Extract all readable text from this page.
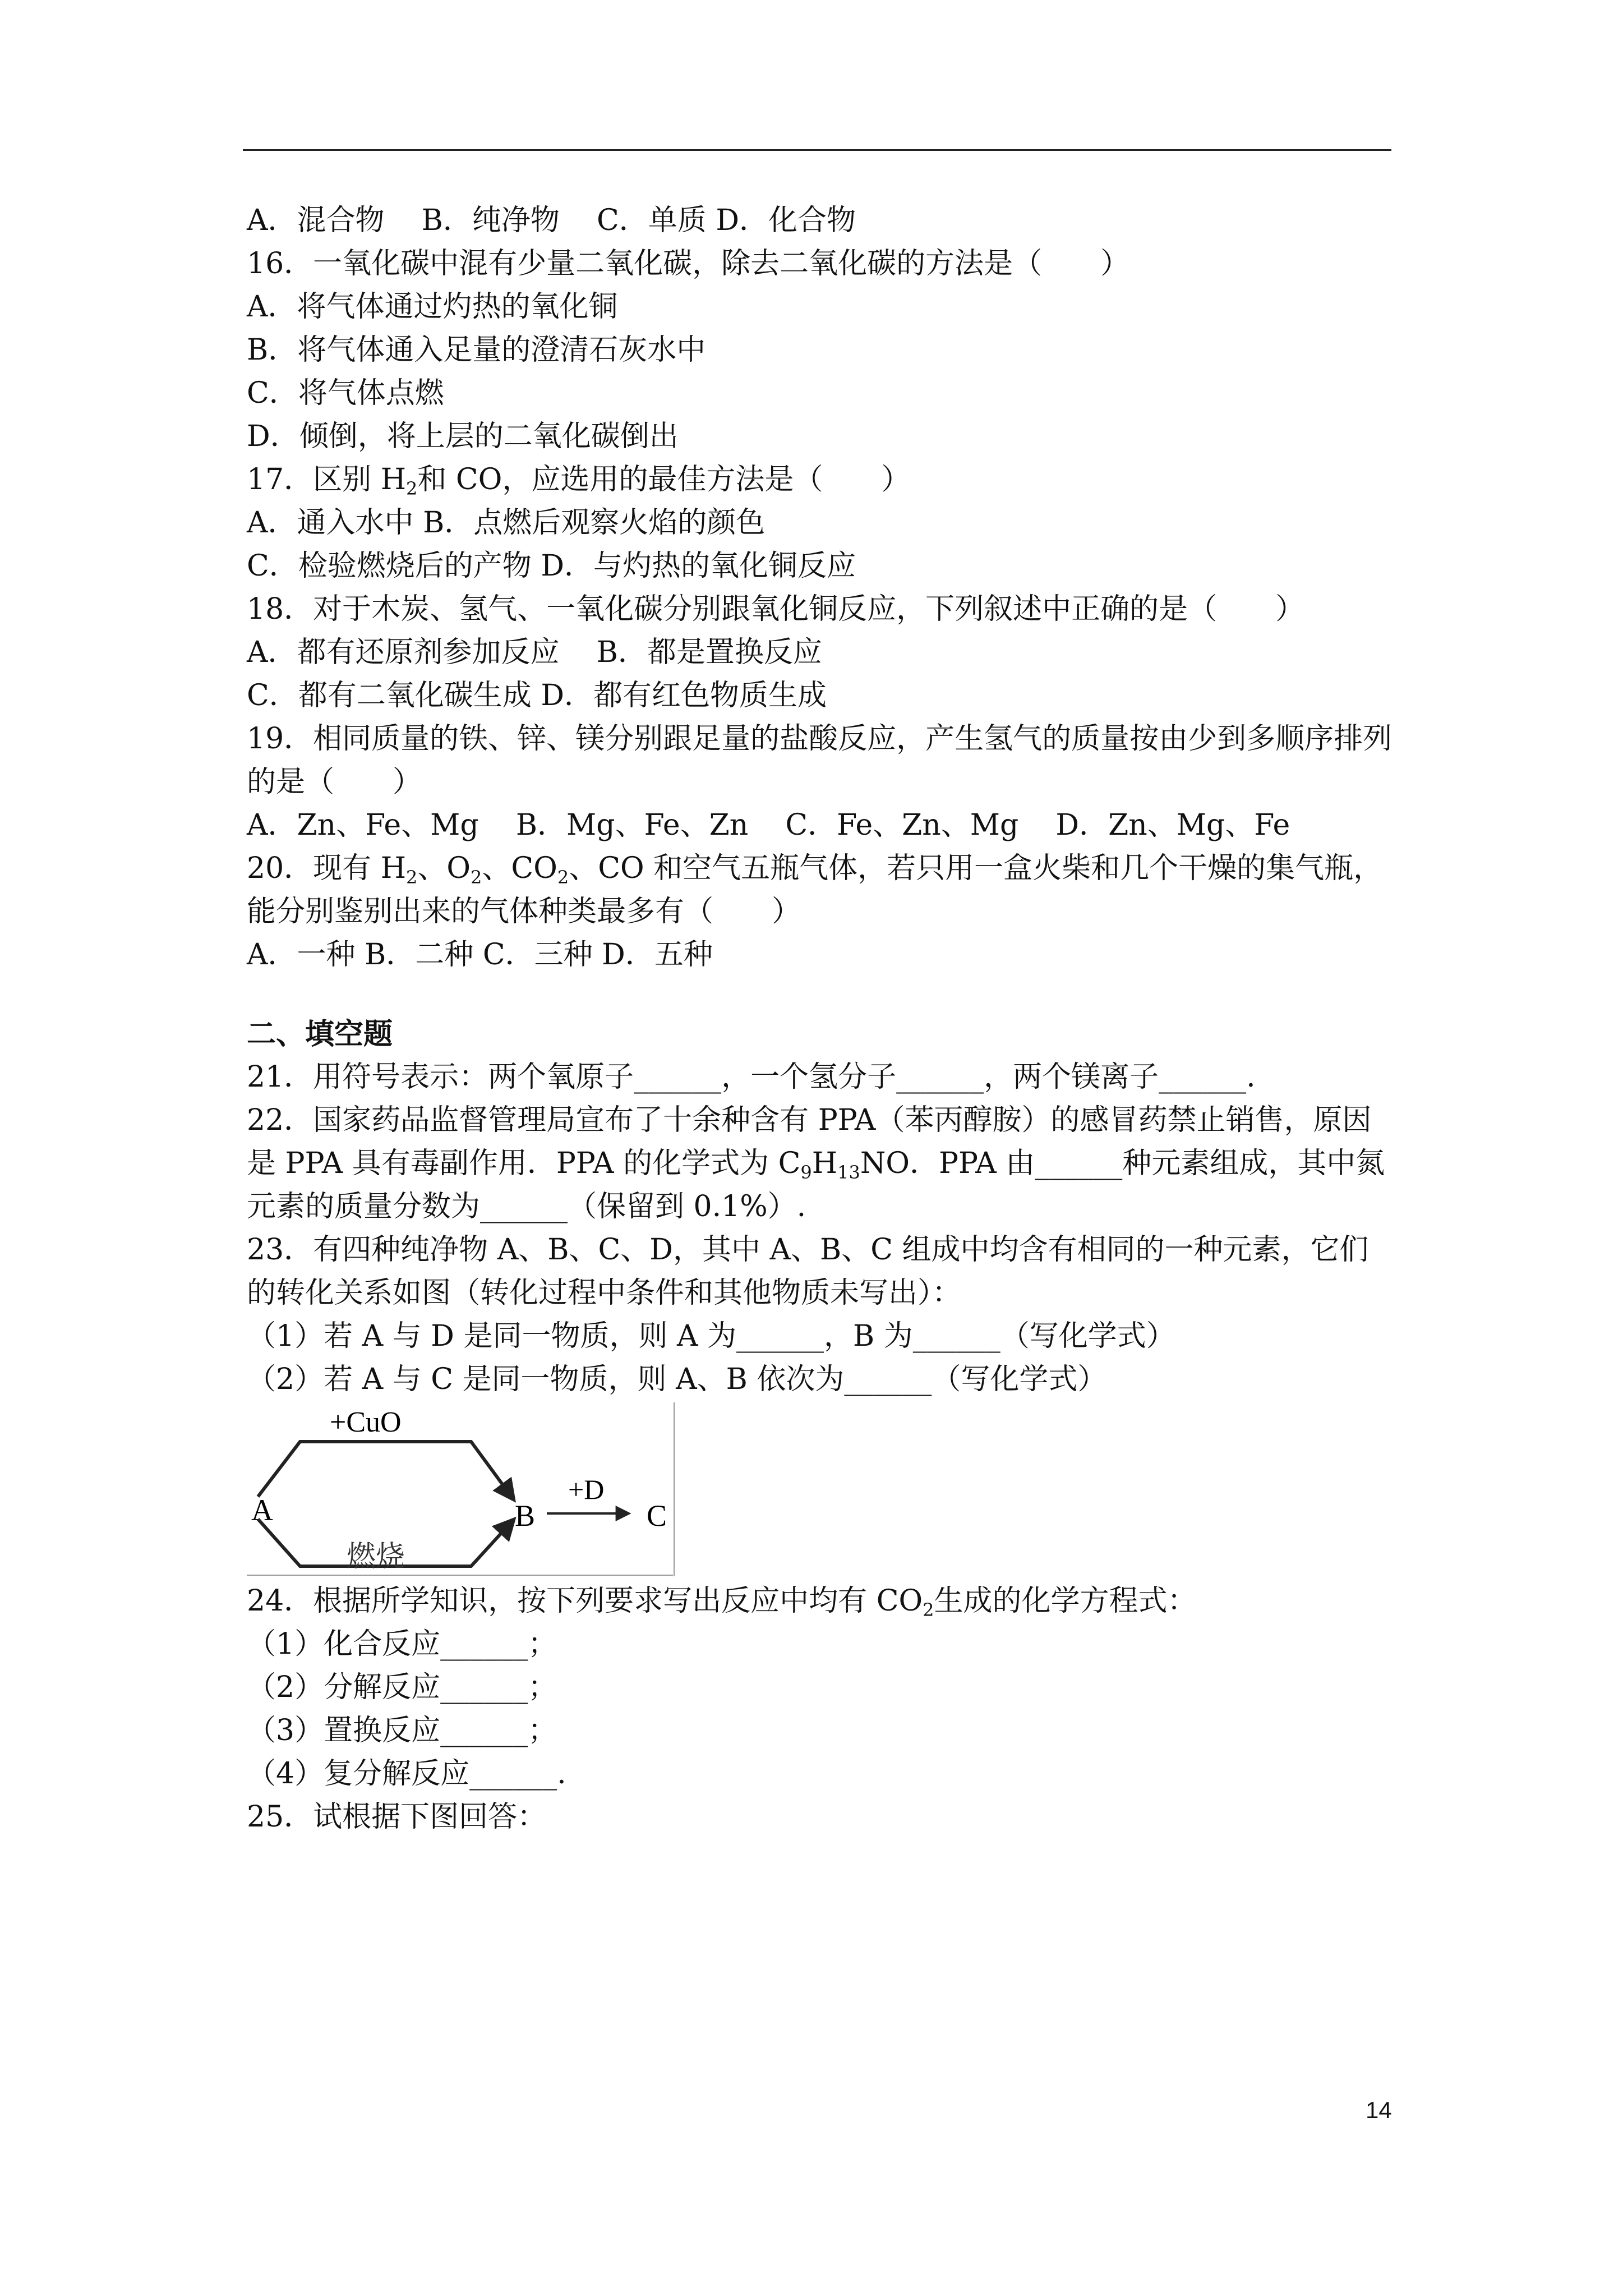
A．混合物    B．纯净物    C．单质 D．化合物
16．一氧化碳中混有少量二氧化碳，除去二氧化碳的方法是（　　）
A．将气体通过灼热的氧化铜
B．将气体通入足量的澄清石灰水中
C．将气体点燃
D．倾倒，将上层的二氧化碳倒出
17．区别 $H_2$和 CO，应选用的最佳方法是（　　）
A．通入水中 B．点燃后观察火焰的颜色
C．检验燃烧后的产物 D．与灼热的氧化铜反应
18．对于木炭、氢气、一氧化碳分别跟氧化铜反应，下列叙述中正确的是（　　）
A．都有还原剂参加反应    B．都是置换反应
C．都有二氧化碳生成 D．都有红色物质生成
19．相同质量的铁、锌、镁分别跟足量的盐酸反应，产生氢气的质量按由少到多顺序排列的是（　　）
A．Zn、Fe、Mg    B．Mg、Fe、Zn    C．Fe、Zn、Mg    D．Zn、Mg、Fe
20．现有 $H_2$、$O_2$、$CO_2$、CO 和空气五瓶气体，若只用一盒火柴和几个干燥的集气瓶，能分别鉴别出来的气体种类最多有（　　）
A．一种 B．二种 C．三种 D．五种
二、填空题
21．用符号表示：两个氧原子______，一个氢分子______，两个镁离子______.
22．国家药品监督管理局宣布了十余种含有 PPA（苯丙醇胺）的感冒药禁止销售，原因是 PPA 具有毒副作用．PPA 的化学式为 $C_9H_{13}NO$．PPA 由______种元素组成，其中氮元素的质量分数为______（保留到 0.1%）.
23．有四种纯净物 A、B、C、D，其中 A、B、C 组成中均含有相同的一种元素，它们的转化关系如图（转化过程中条件和其他物质未写出）：
（1）若 A 与 D 是同一物质，则 A 为______，B 为______（写化学式）
（2）若 A 与 C 是同一物质，则 A、B 依次为______（写化学式）
A	B	C
+CuO
燃烧
+D
24．根据所学知识，按下列要求写出反应中均有 $CO_2$生成的化学方程式：
（1）化合反应______；
（2）分解反应______；
（3）置换反应______；
（4）复分解反应______.
25．试根据下图回答：
14
